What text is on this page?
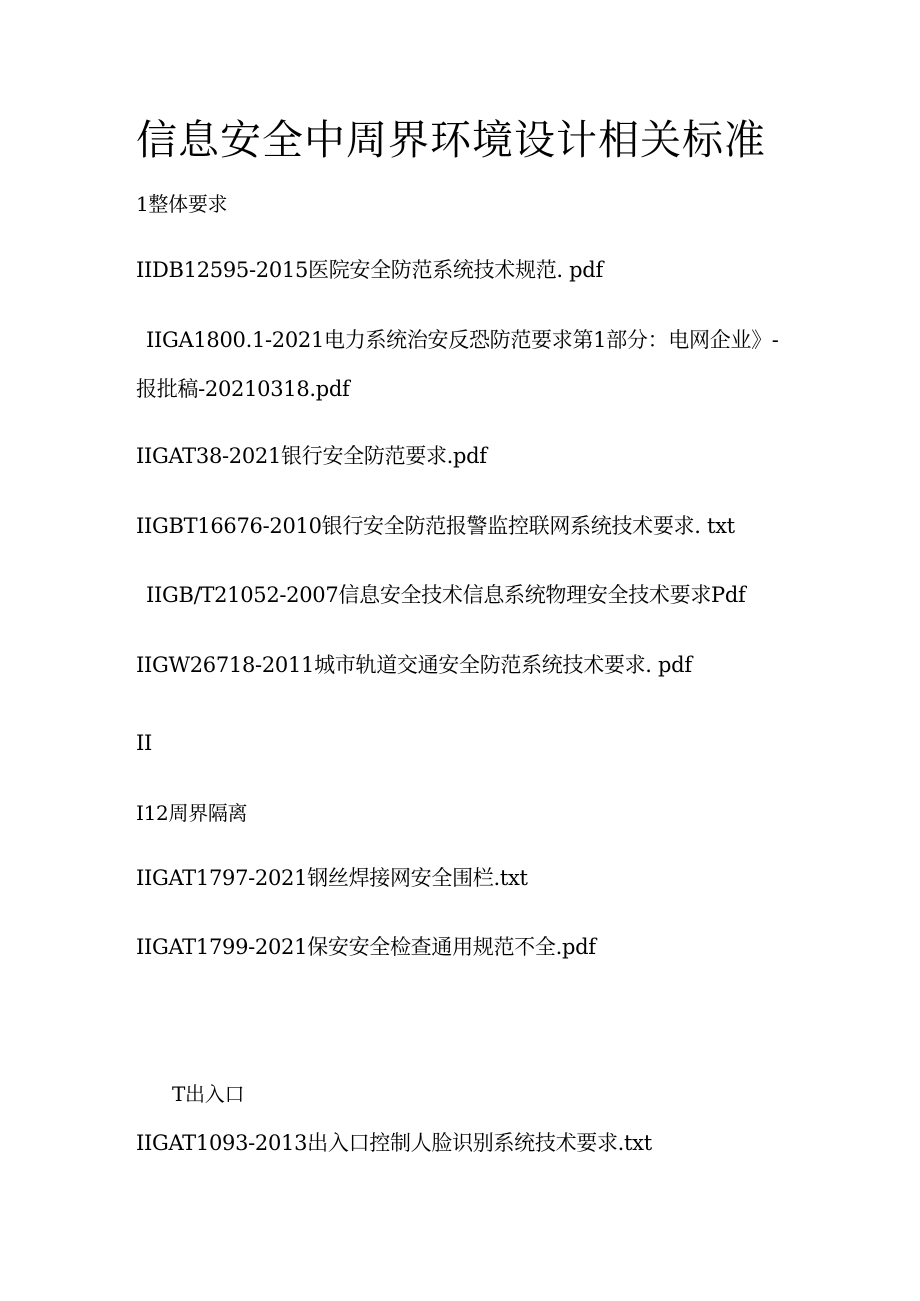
信息安全中周界环境设计相关标准
1整体要求
IIDB12595-2015医院安全防范系统技术规范. pdf
IIGA1800.1-2021电力系统治安反恐防范要求第1部分：电网企业》-
报批稿-20210318.pdf
IIGAT38-2021银行安全防范要求.pdf
IIGBT16676-2010银行安全防范报警监控联网系统技术要求. txt
IIGB/T21052-2007信息安全技术信息系统物理安全技术要求Pdf
IIGW26718-2011城市轨道交通安全防范系统技术要求. pdf
II
I12周界隔离
IIGAT1797-2021钢丝焊接网安全围栏.txt
IIGAT1799-2021保安安全检查通用规范不全.pdf
T出入口
IIGAT1093-2013出入口控制人脸识别系统技术要求.txt
